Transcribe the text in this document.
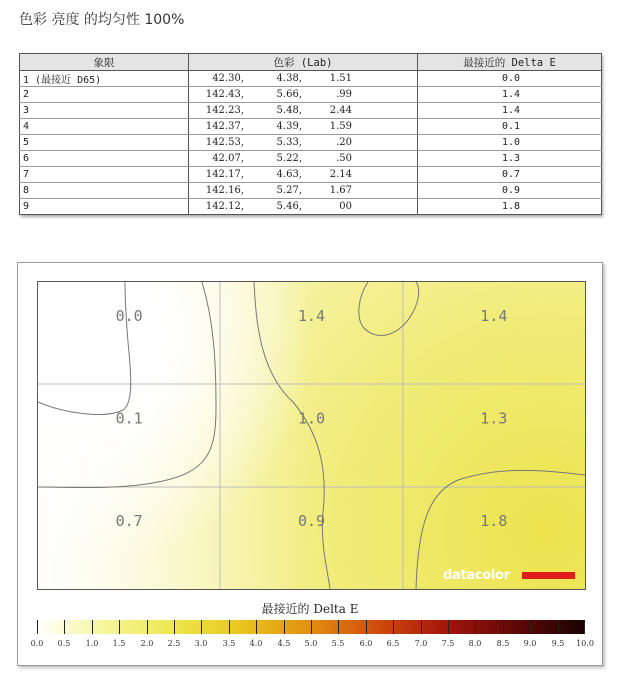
色彩 亮度 的均匀性 100%
象限	色彩 (Lab)	最接近的 Delta E
1 (最接近 D65)	42.30, 4.38, 1.51	0.0
2	142.43, 5.66, .99	1.4
3	142.23, 5.48, 2.44	1.4
4	142.37, 4.39, 1.59	0.1
5	142.53, 5.33, .20	1.0
6	42.07, 5.22, .50	1.3
7	142.17, 4.63, 2.14	0.7
8	142.16, 5.27, 1.67	0.9
9	142.12, 5.46, 00	1.8
0.0	1.4	1.4
0.1	1.0	1.3
0.7	0.9	1.8
datacolor
最接近的 Delta E
0.0 0.5 1.0 1.5 2.0 2.5 3.0 3.5 4.0 4.5 5.0 5.5 6.0 6.5 7.0 7.5 8.0 8.5 9.0 9.5 10.0
